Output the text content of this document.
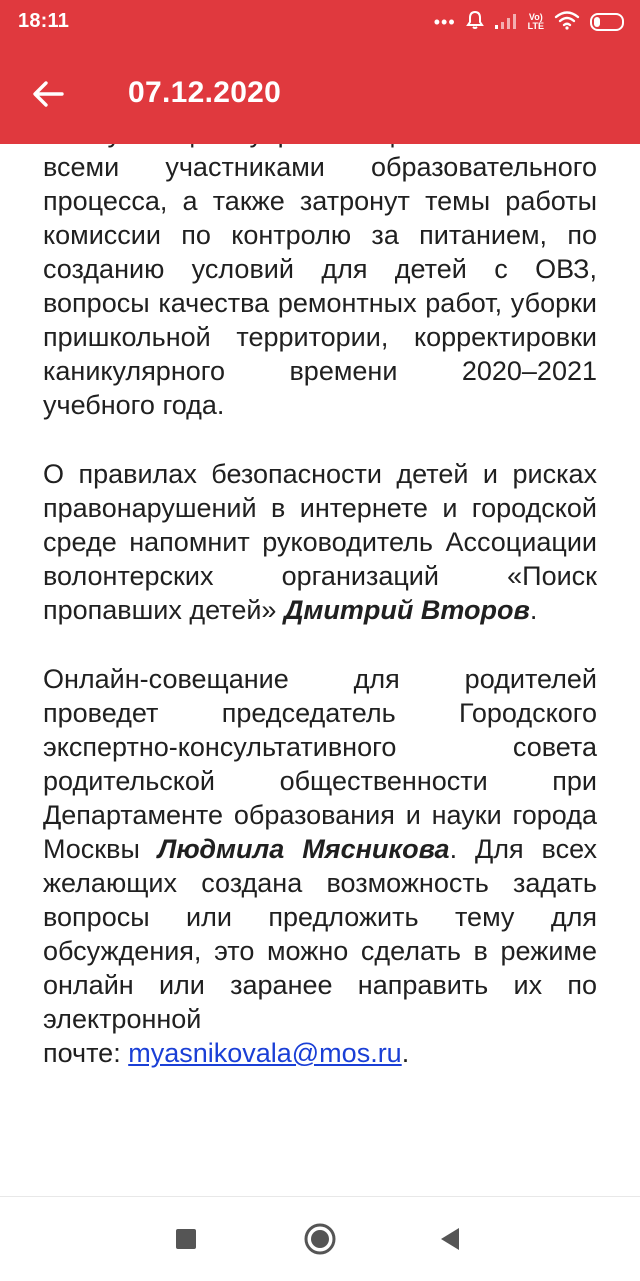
18:11	•••	Vo)
LTE	22
07.12.2020

всеми участниками образовательного процесса, а также затронут темы работы комиссии по контролю за питанием, по созданию условий для детей с ОВЗ, вопросы качества ремонтных работ, уборки пришкольной территории, корректировки каникулярного времени 2020–2021 учебного года.

О правилах безопасности детей и рисках правонарушений в интернете и городской среде напомнит руководитель Ассоциации волонтерских организаций «Поиск пропавших детей» Дмитрий Второв.

Онлайн-совещание для родителей проведет председатель Городского экспертно-консультативного совета родительской общественности при Департаменте образования и науки города Москвы Людмила Мясникова. Для всех желающих создана возможность задать вопросы или предложить тему для обсуждения, это можно сделать в режиме онлайн или заранее направить их по электронной
почте: myasnikovala@mos.ru.
